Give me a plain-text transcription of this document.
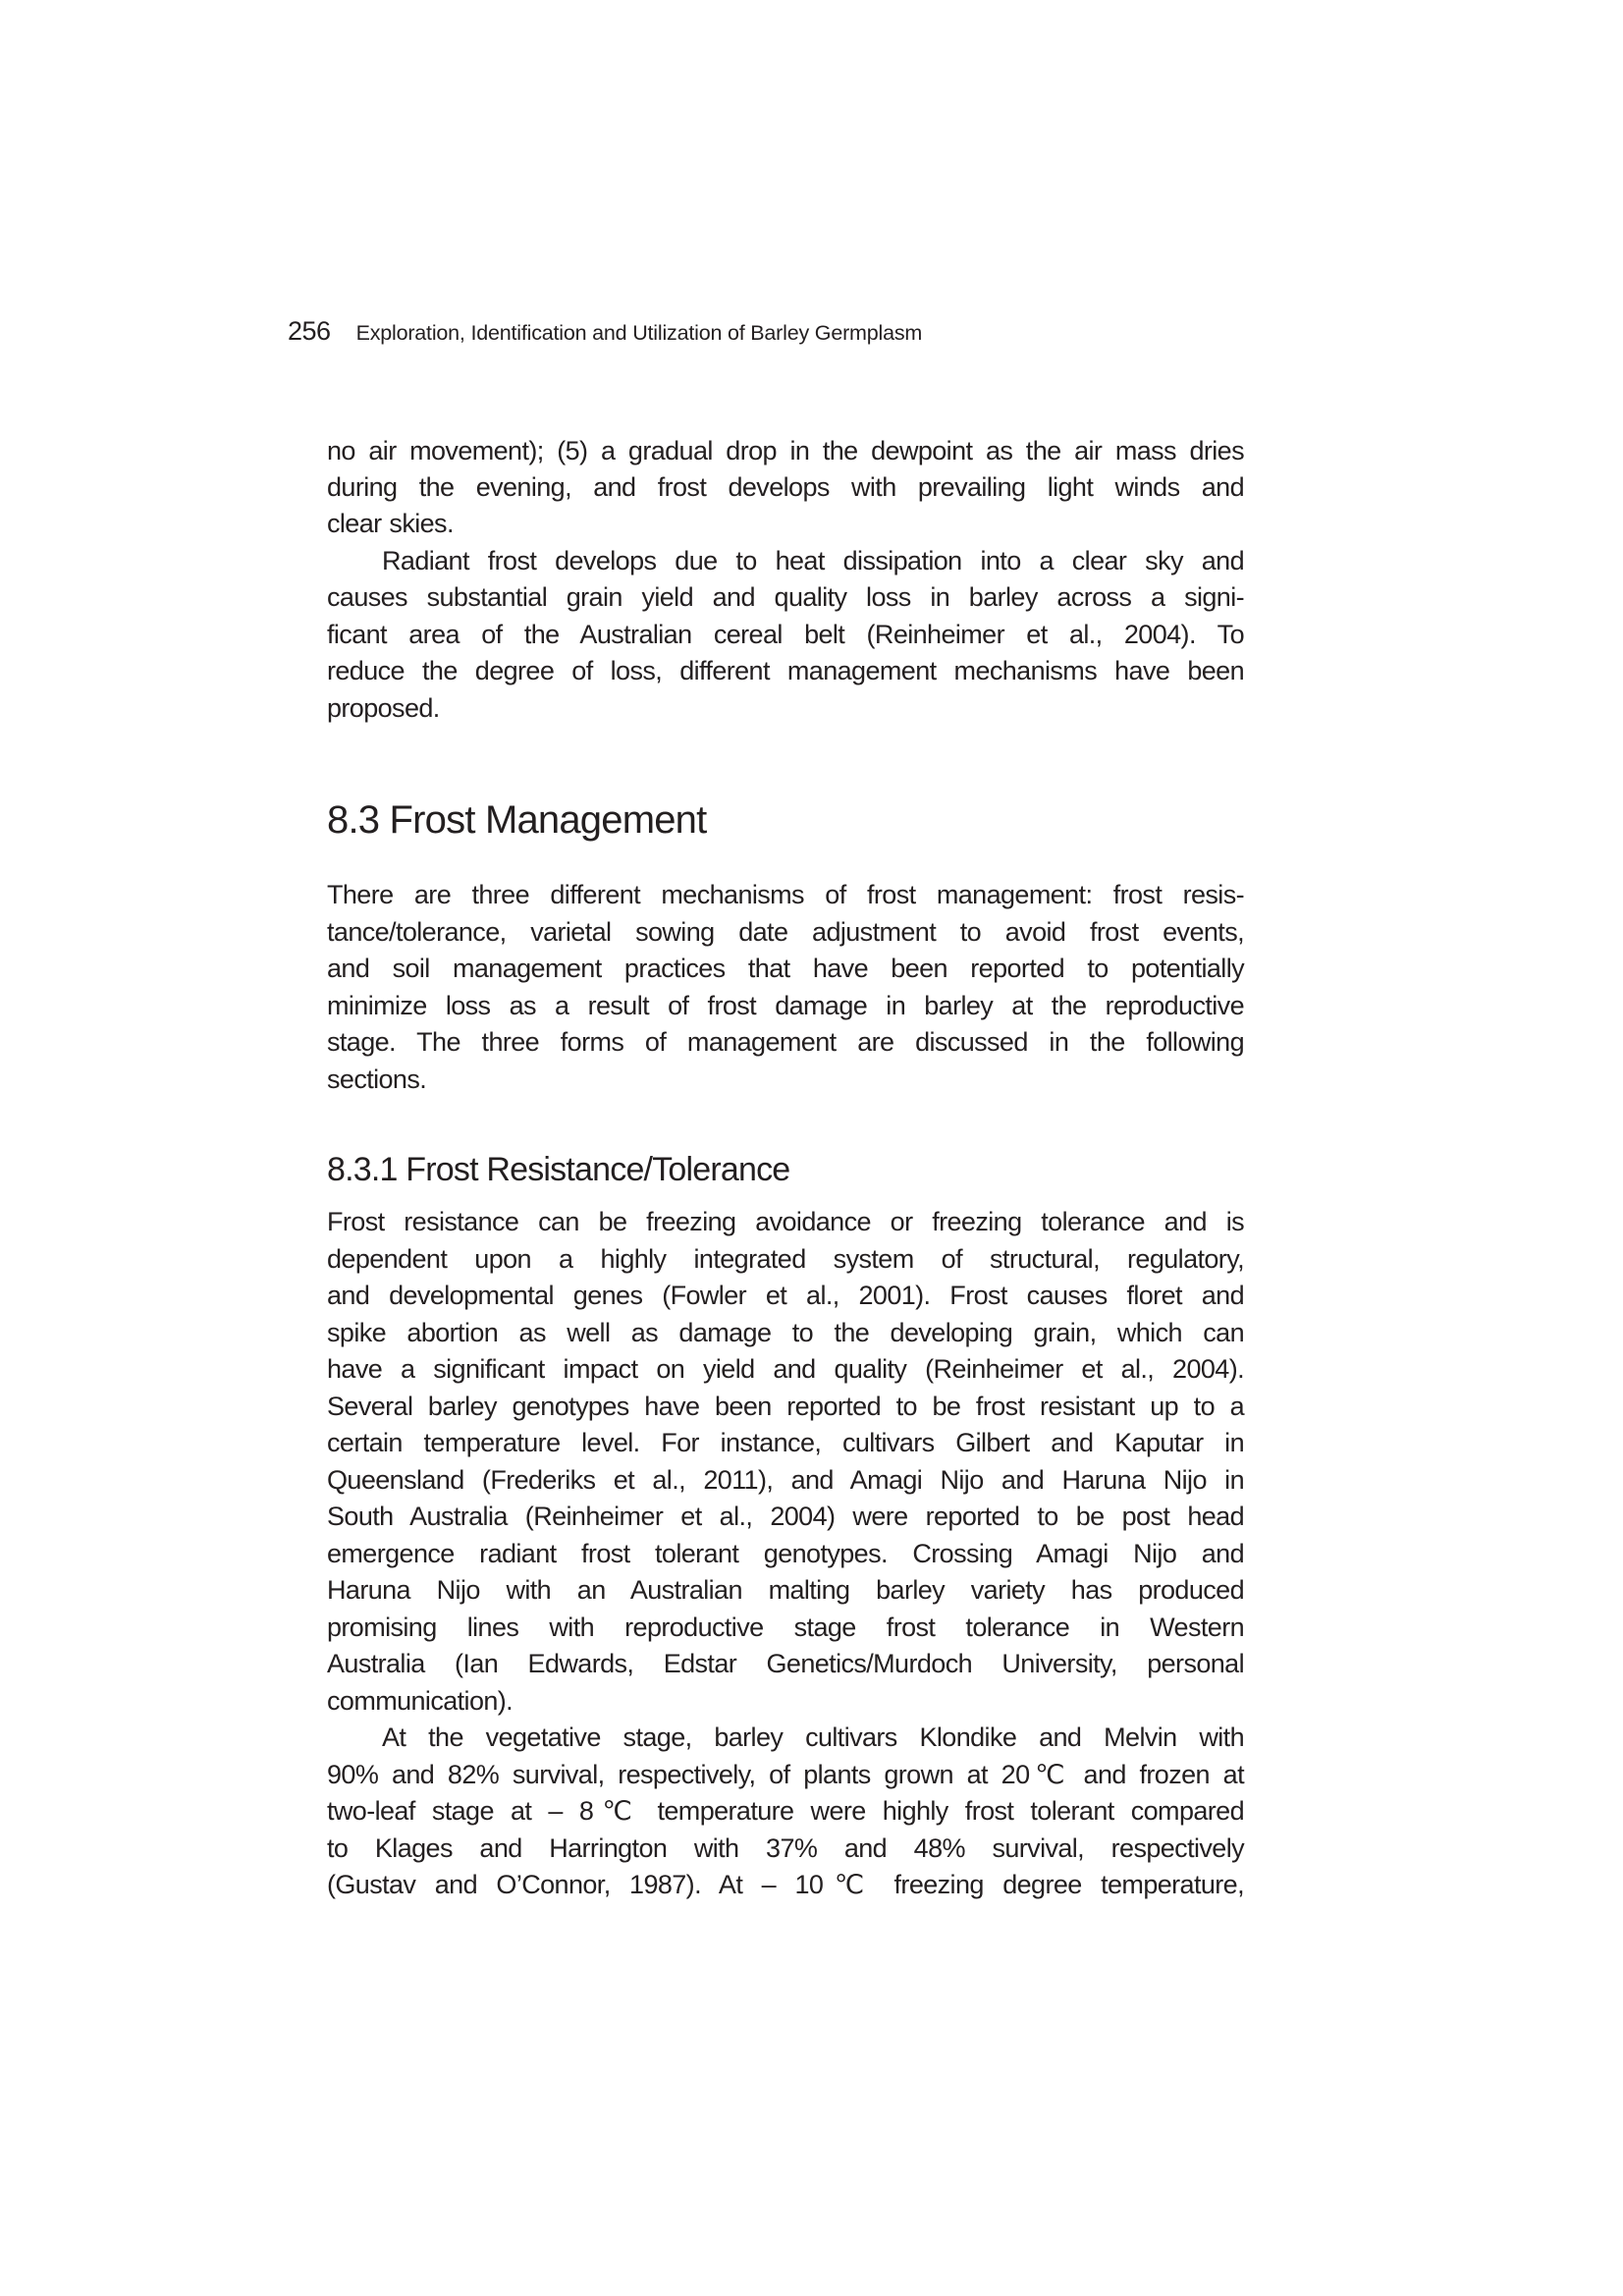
256 Exploration, Identification and Utilization of Barley Germplasm
no air movement); (5) a gradual drop in the dewpoint as the air mass dries
during the evening, and frost develops with prevailing light winds and
clear skies.
Radiant frost develops due to heat dissipation into a clear sky and
causes substantial grain yield and quality loss in barley across a signi-
ficant area of the Australian cereal belt (Reinheimer et al., 2004). To
reduce the degree of loss, different management mechanisms have been
proposed.
8.3 Frost Management
There are three different mechanisms of frost management: frost resis-
tance/tolerance, varietal sowing date adjustment to avoid frost events,
and soil management practices that have been reported to potentially
minimize loss as a result of frost damage in barley at the reproductive
stage. The three forms of management are discussed in the following
sections.
8.3.1 Frost Resistance/Tolerance
Frost resistance can be freezing avoidance or freezing tolerance and is
dependent upon a highly integrated system of structural, regulatory,
and developmental genes (Fowler et al., 2001). Frost causes floret and
spike abortion as well as damage to the developing grain, which can
have a significant impact on yield and quality (Reinheimer et al., 2004).
Several barley genotypes have been reported to be frost resistant up to a
certain temperature level. For instance, cultivars Gilbert and Kaputar in
Queensland (Frederiks et al., 2011), and Amagi Nijo and Haruna Nijo in
South Australia (Reinheimer et al., 2004) were reported to be post head
emergence radiant frost tolerant genotypes. Crossing Amagi Nijo and
Haruna Nijo with an Australian malting barley variety has produced
promising lines with reproductive stage frost tolerance in Western
Australia (Ian Edwards, Edstar Genetics/Murdoch University, personal
communication).
At the vegetative stage, barley cultivars Klondike and Melvin with
90% and 82% survival, respectively, of plants grown at 20℃ and frozen at
two-leaf stage at – 8℃ temperature were highly frost tolerant compared
to Klages and Harrington with 37% and 48% survival, respectively
(Gustav and O’Connor, 1987). At – 10℃ freezing degree temperature,
